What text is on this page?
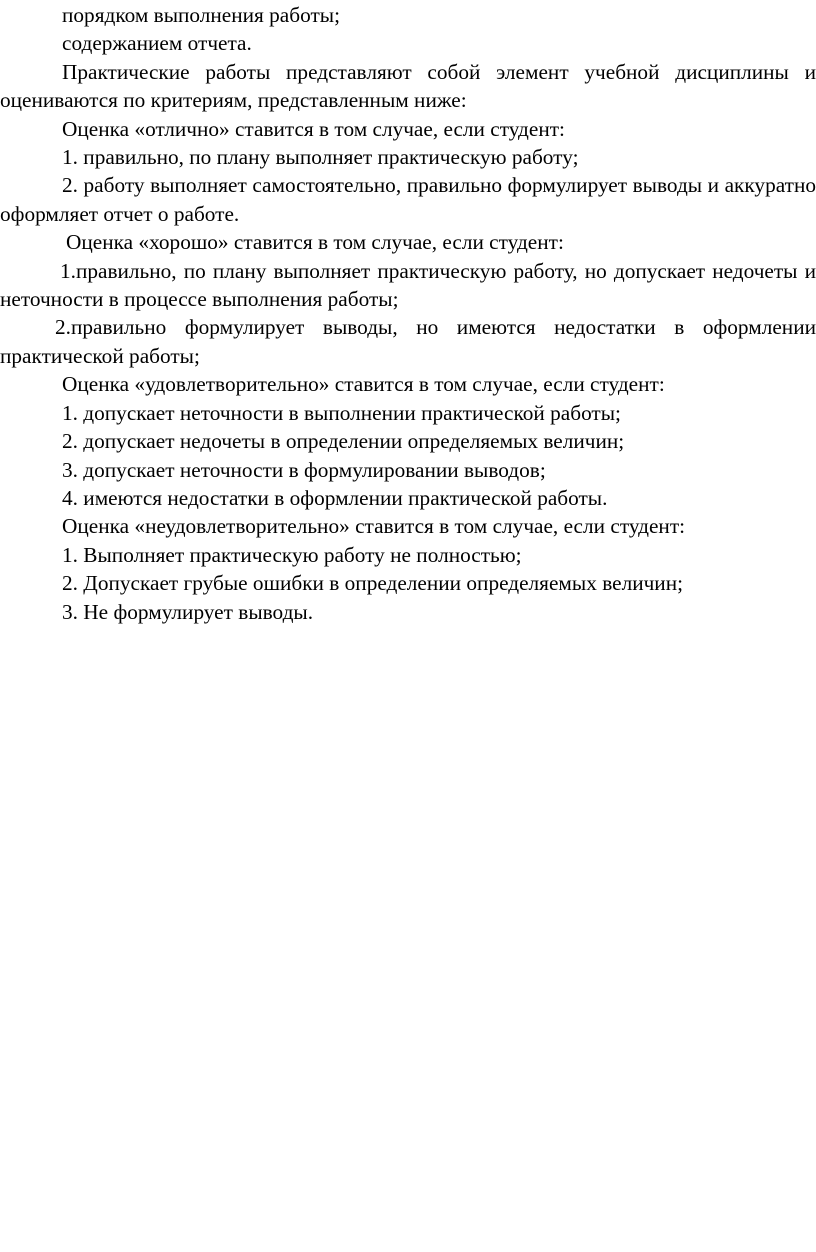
порядком выполнения работы;

содержанием отчета.

Практические работы представляют собой элемент учебной дисциплины и оцениваются по критериям, представленным ниже:

Оценка «отлично» ставится в том случае, если студент:

1. правильно, по плану выполняет практическую работу;

2. работу выполняет самостоятельно, правильно формулирует выводы и аккуратно оформляет отчет о работе.

Оценка «хорошо» ставится в том случае, если студент:

1.правильно, по плану выполняет практическую работу, но допускает недочеты и неточности в процессе выполнения работы;

2.правильно формулирует выводы, но имеются недостатки в оформлении практической работы;

Оценка «удовлетворительно» ставится в том случае, если студент:

1. допускает неточности в выполнении практической работы;

2. допускает недочеты в определении определяемых величин;

3. допускает неточности в формулировании выводов;

4. имеются недостатки в оформлении практической работы.

Оценка «неудовлетворительно» ставится в том случае, если студент:

1. Выполняет практическую работу не полностью;

2. Допускает грубые ошибки в определении определяемых величин;

3. Не формулирует выводы.
